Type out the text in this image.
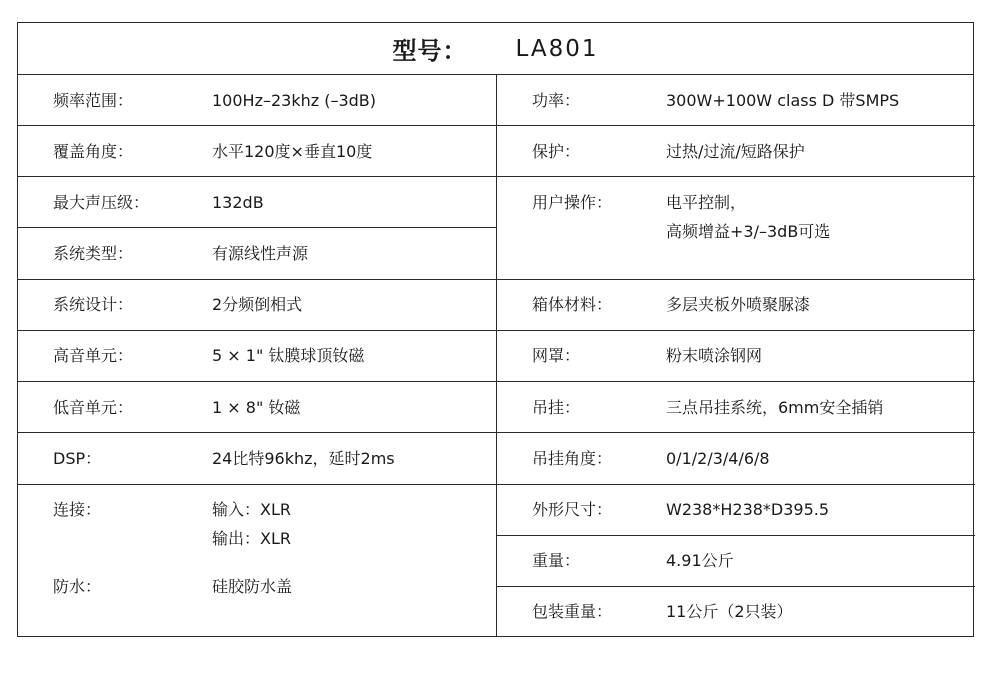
型号： LA801
频率范围：	100Hz–23khz (–3dB)
覆盖角度：	水平120度×垂直10度
最大声压级：	132dB
系统类型：	有源线性声源
系统设计：	2分频倒相式
高音单元：	5 × 1" 钛膜球顶钕磁
低音单元：	1 × 8" 钕磁
DSP：	24比特96khz，延时2ms
连接：	输入：XLR
输出：XLR
防水：	硅胶防水盖
功率：	300W+100W class D 带SMPS
保护：	过热/过流/短路保护
用户操作：	电平控制，
高频增益+3/–3dB可选
箱体材料：	多层夹板外喷聚脲漆
网罩：	粉末喷涂钢网
吊挂：	三点吊挂系统，6mm安全插销
吊挂角度：	0/1/2/3/4/6/8
外形尺寸：	W238*H238*D395.5
重量：	4.91公斤
包装重量：	11公斤（2只装）
